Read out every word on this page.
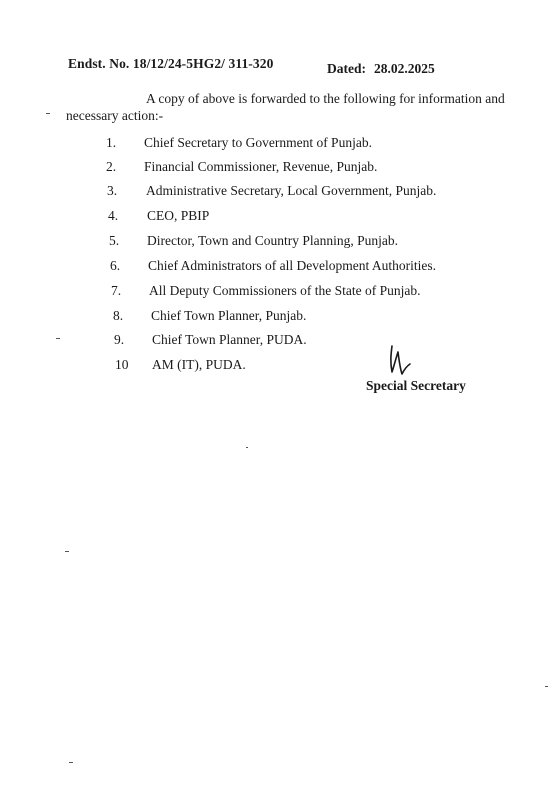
Endst. No. 18/12/24-5HG2/ 311-320	Dated: 28.02.2025
A copy of above is forwarded to the following for information and
necessary action:-
1.	Chief Secretary to Government of Punjab.
2.	Financial Commissioner, Revenue, Punjab.
3.	Administrative Secretary, Local Government, Punjab.
4.	CEO, PBIP
5.	Director, Town and Country Planning, Punjab.
6.	Chief Administrators of all Development Authorities.
7.	All Deputy Commissioners of the State of Punjab.
8.	Chief Town Planner, Punjab.
9.	Chief Town Planner, PUDA.
10	AM (IT), PUDA.
Special Secretary
